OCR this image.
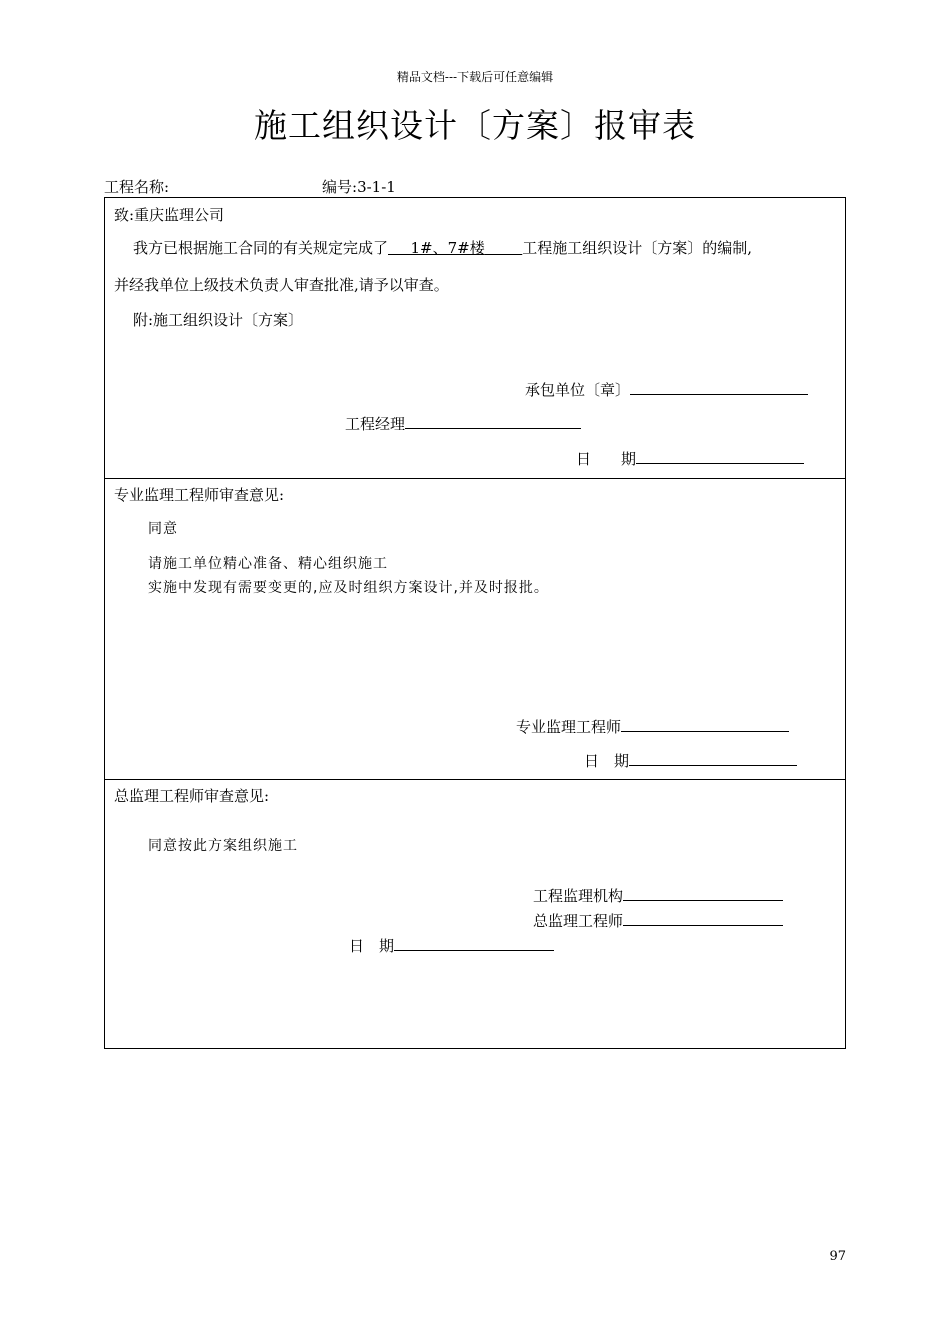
精品文档---下载后可任意编辑
施工组织设计〔方案〕报审表
工程名称:	编号:3-1-1
致:重庆监理公司
我方已根据施工合同的有关规定完成了   1#、7#楼   	工程施工组织设计〔方案〕的编制,
并经我单位上级技术负责人审查批准,请予以审查。
附:施工组织设计〔方案〕
承包单位〔章〕
工程经理
日　　期
专业监理工程师审查意见:
同意
请施工单位精心准备、精心组织施工
实施中发现有需要变更的,应及时组织方案设计,并及时报批。
专业监理工程师
日　期
总监理工程师审查意见:
同意按此方案组织施工
工程监理机构
总监理工程师
日　期
97
